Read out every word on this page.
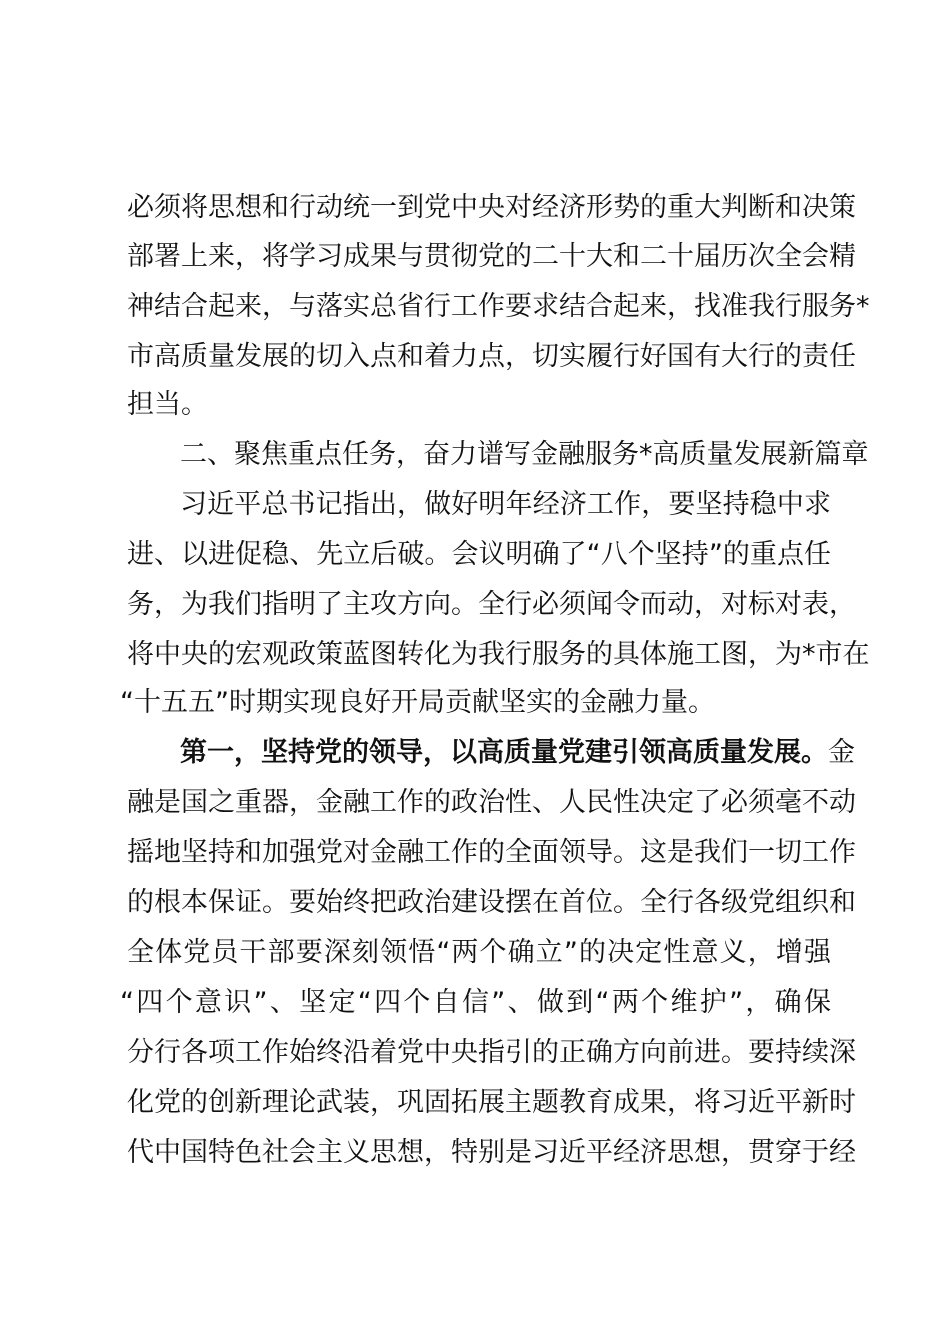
必须将思想和行动统一到党中央对经济形势的重大判断和决策
部署上来，将学习成果与贯彻党的二十大和二十届历次全会精
神结合起来，与落实总省行工作要求结合起来，找准我行服务*
市高质量发展的切入点和着力点，切实履行好国有大行的责任
担当。
二、聚焦重点任务，奋力谱写金融服务*高质量发展新篇章
习近平总书记指出，做好明年经济工作，要坚持稳中求
进、以进促稳、先立后破。会议明确了“八个坚持”的重点任
务，为我们指明了主攻方向。全行必须闻令而动，对标对表，
将中央的宏观政策蓝图转化为我行服务的具体施工图，为*市在
“十五五”时期实现良好开局贡献坚实的金融力量。
第一，坚持党的领导，以高质量党建引领高质量发展。金
融是国之重器，金融工作的政治性、人民性决定了必须毫不动
摇地坚持和加强党对金融工作的全面领导。这是我们一切工作
的根本保证。要始终把政治建设摆在首位。全行各级党组织和
全体党员干部要深刻领悟“两个确立”的决定性意义，增强
“四个意识”、坚定“四个自信”、做到“两个维护”，确保
分行各项工作始终沿着党中央指引的正确方向前进。要持续深
化党的创新理论武装，巩固拓展主题教育成果，将习近平新时
代中国特色社会主义思想，特别是习近平经济思想，贯穿于经
